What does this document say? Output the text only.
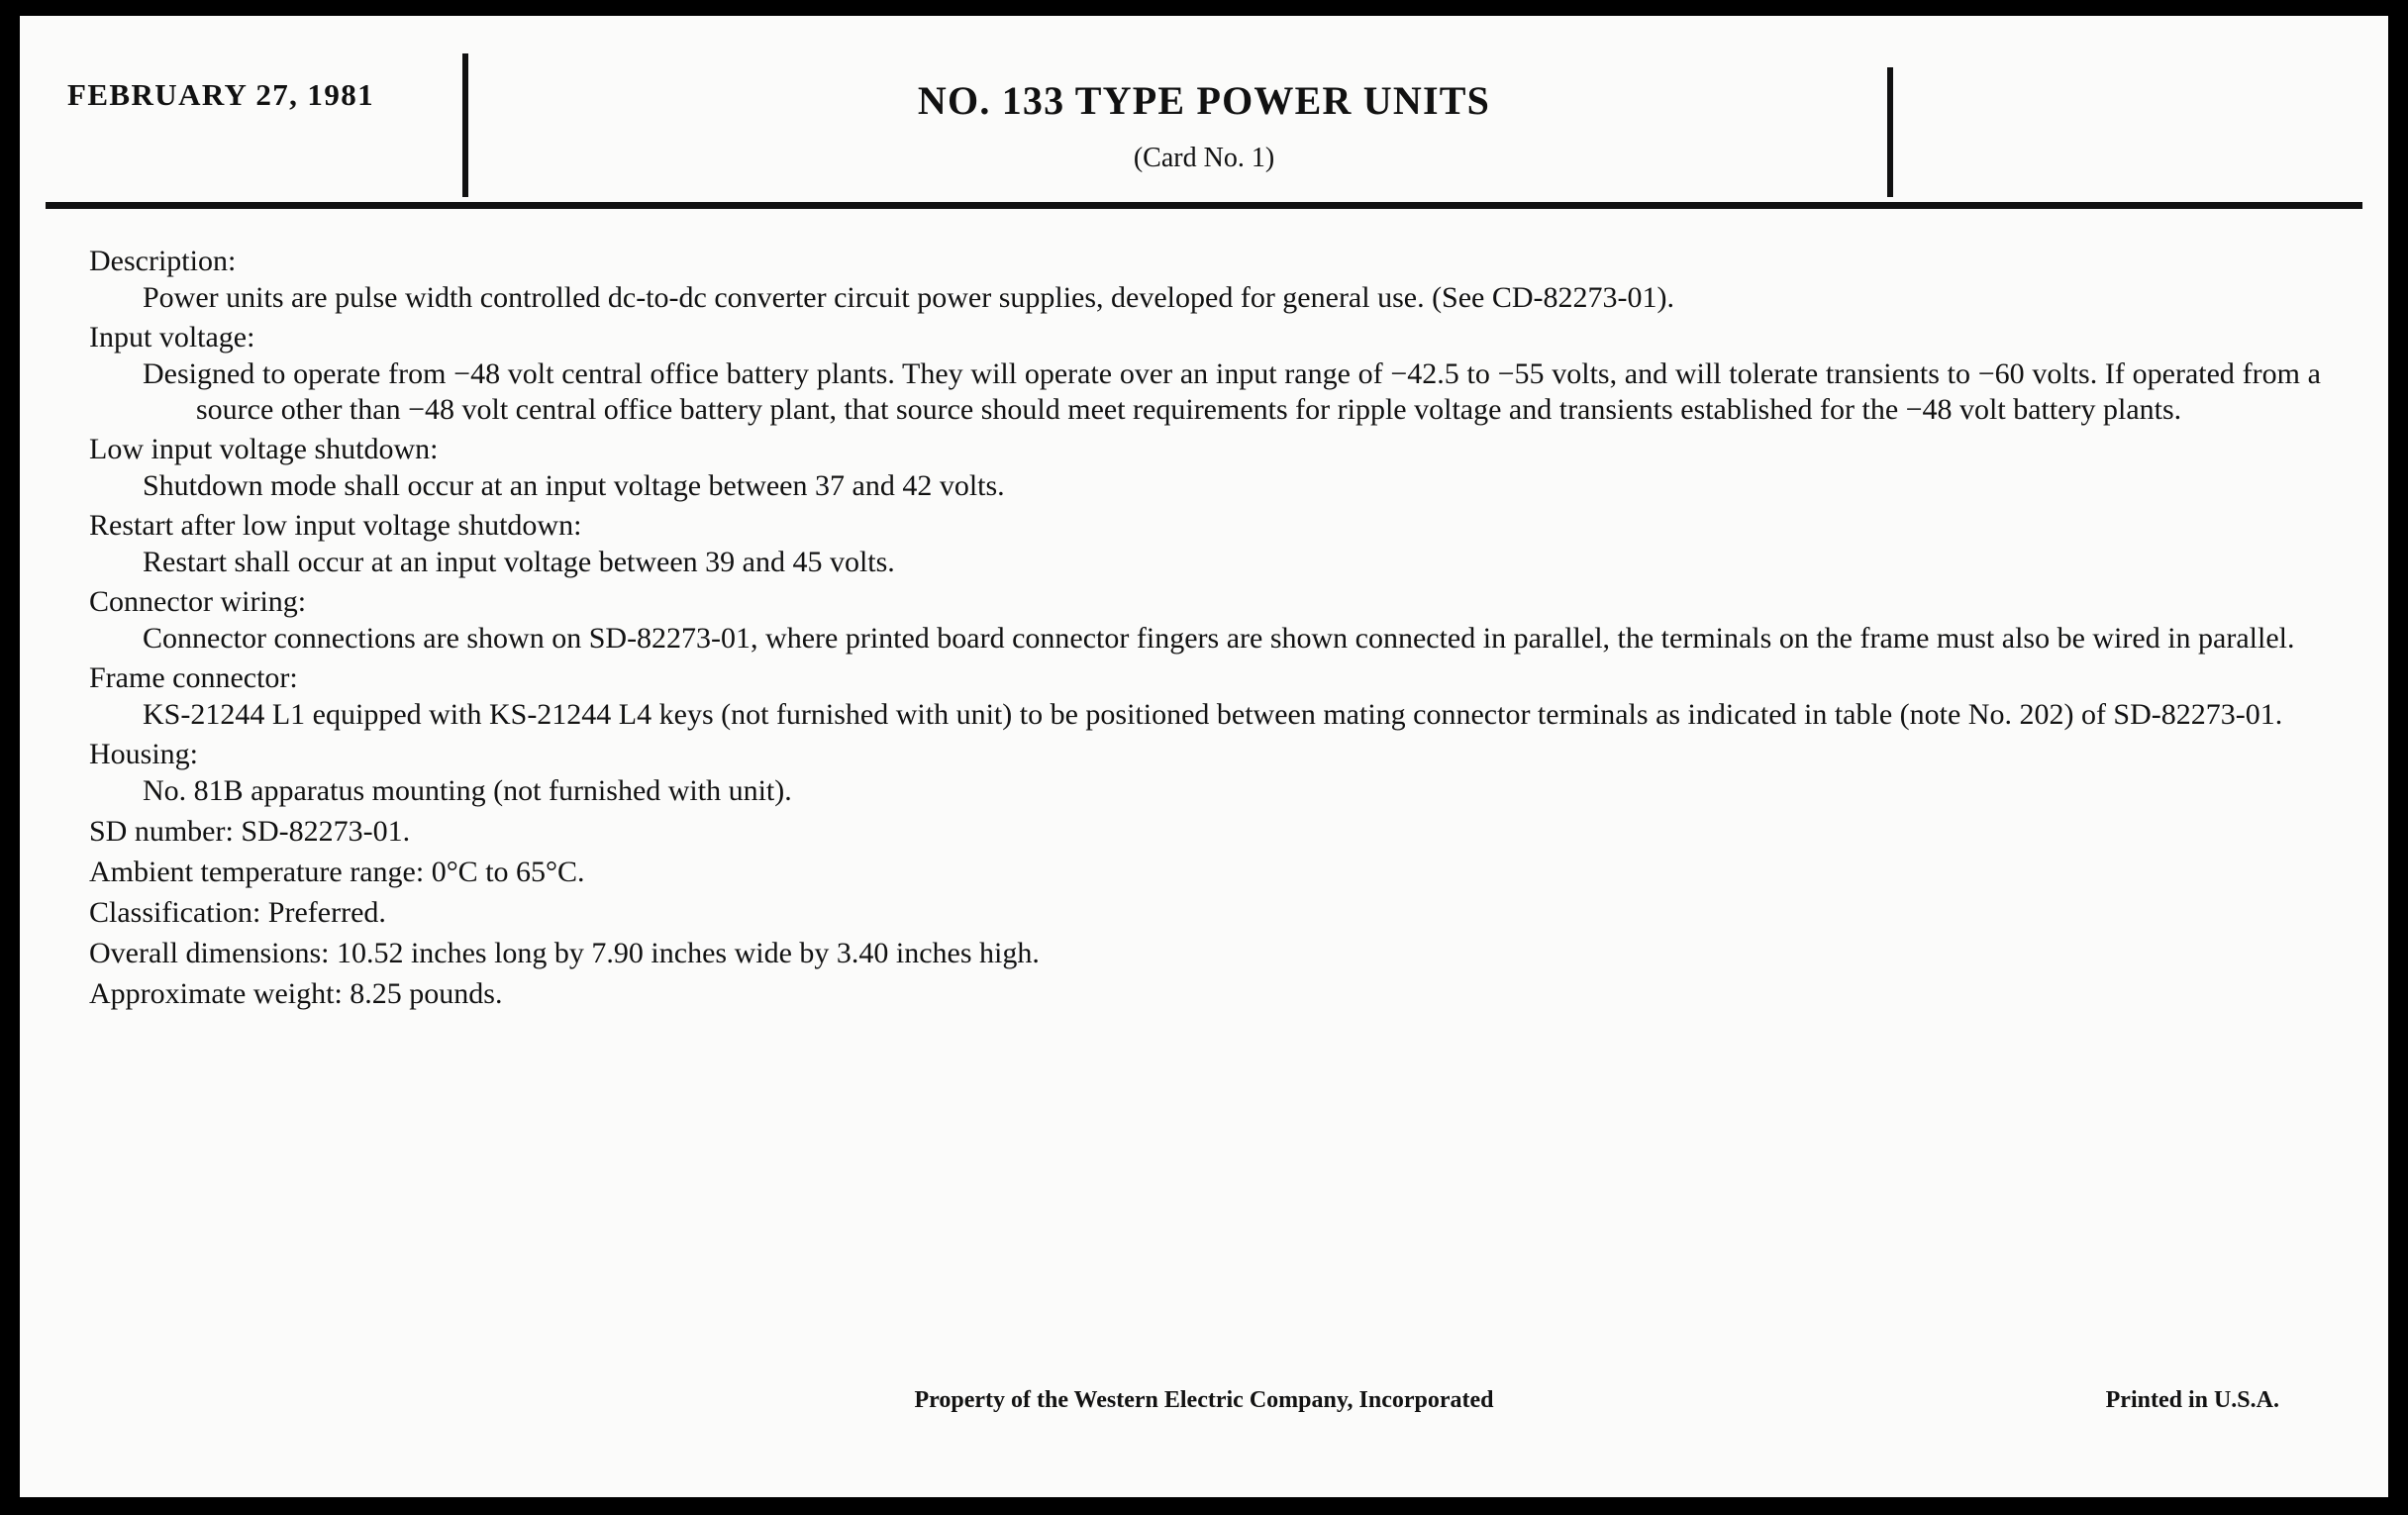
FEBRUARY 27, 1981	NO. 133 TYPE POWER UNITS
(Card No. 1)
Description:
Power units are pulse width controlled dc-to-dc converter circuit power supplies, developed for general use. (See CD-82273-01).
Input voltage:
Designed to operate from −48 volt central office battery plants. They will operate over an input range of −42.5 to −55 volts, and will tolerate transients to −60 volts. If operated from a source other than −48 volt central office battery plant, that source should meet requirements for ripple voltage and transients established for the −48 volt battery plants.
Low input voltage shutdown:
Shutdown mode shall occur at an input voltage between 37 and 42 volts.
Restart after low input voltage shutdown:
Restart shall occur at an input voltage between 39 and 45 volts.
Connector wiring:
Connector connections are shown on SD-82273-01, where printed board connector fingers are shown connected in parallel, the terminals on the frame must also be wired in parallel.
Frame connector:
KS-21244 L1 equipped with KS-21244 L4 keys (not furnished with unit) to be positioned between mating connector terminals as indicated in table (note No. 202) of SD-82273-01.
Housing:
No. 81B apparatus mounting (not furnished with unit).
SD number: SD-82273-01.
Ambient temperature range: 0°C to 65°C.
Classification: Preferred.
Overall dimensions: 10.52 inches long by 7.90 inches wide by 3.40 inches high.
Approximate weight: 8.25 pounds.
Property of the Western Electric Company, Incorporated	Printed in U.S.A.
